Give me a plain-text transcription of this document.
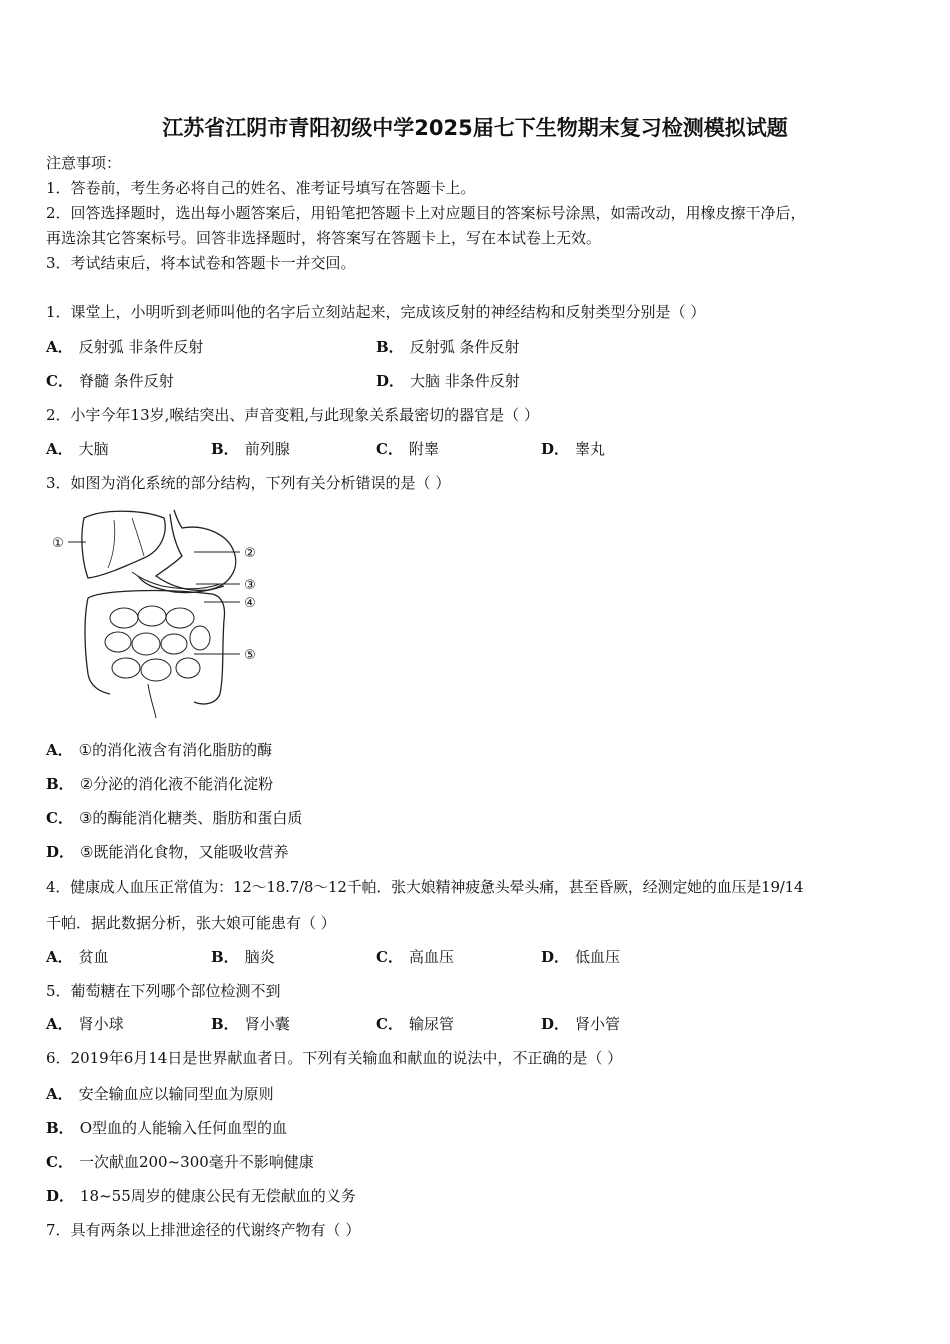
江苏省江阴市青阳初级中学2025届七下生物期末复习检测模拟试题
注意事项：
1．答卷前，考生务必将自己的姓名、准考证号填写在答题卡上。
2．回答选择题时，选出每小题答案后，用铅笔把答题卡上对应题目的答案标号涂黑，如需改动，用橡皮擦干净后，
再选涂其它答案标号。回答非选择题时，将答案写在答题卡上，写在本试卷上无效。
3．考试结束后，将本试卷和答题卡一并交回。
1．课堂上，小明听到老师叫他的名字后立刻站起来，完成该反射的神经结构和反射类型分别是（ ）
A． 反射弧 非条件反射	B． 反射弧 条件反射
C． 脊髓 条件反射	D． 大脑 非条件反射
2．小宇今年13岁,喉结突出、声音变粗,与此现象关系最密切的器官是（ ）
A． 大脑	B． 前列腺	C． 附睾	D． 睾丸
3．如图为消化系统的部分结构，下列有关分析错误的是（ ）
①
②
③
④
⑤
A． ①的消化液含有消化脂肪的酶
B． ②分泌的消化液不能消化淀粉
C． ③的酶能消化糖类、脂肪和蛋白质
D． ⑤既能消化食物，又能吸收营养
4．健康成人血压正常值为：12～18.7/8～12千帕．张大娘精神疲惫头晕头痛，甚至昏厥，经测定她的血压是19/14
千帕．据此数据分析，张大娘可能患有（ ）
A． 贫血	B． 脑炎	C． 高血压	D． 低血压
5．葡萄糖在下列哪个部位检测不到
A． 肾小球	B． 肾小囊	C． 输尿管	D． 肾小管
6．2019年6月14日是世界献血者日。下列有关输血和献血的说法中，不正确的是（ ）
A． 安全输血应以输同型血为原则
B． O型血的人能输入任何血型的血
C． 一次献血200~300毫升不影响健康
D． 18~55周岁的健康公民有无偿献血的义务
7．具有两条以上排泄途径的代谢终产物有（ ）
